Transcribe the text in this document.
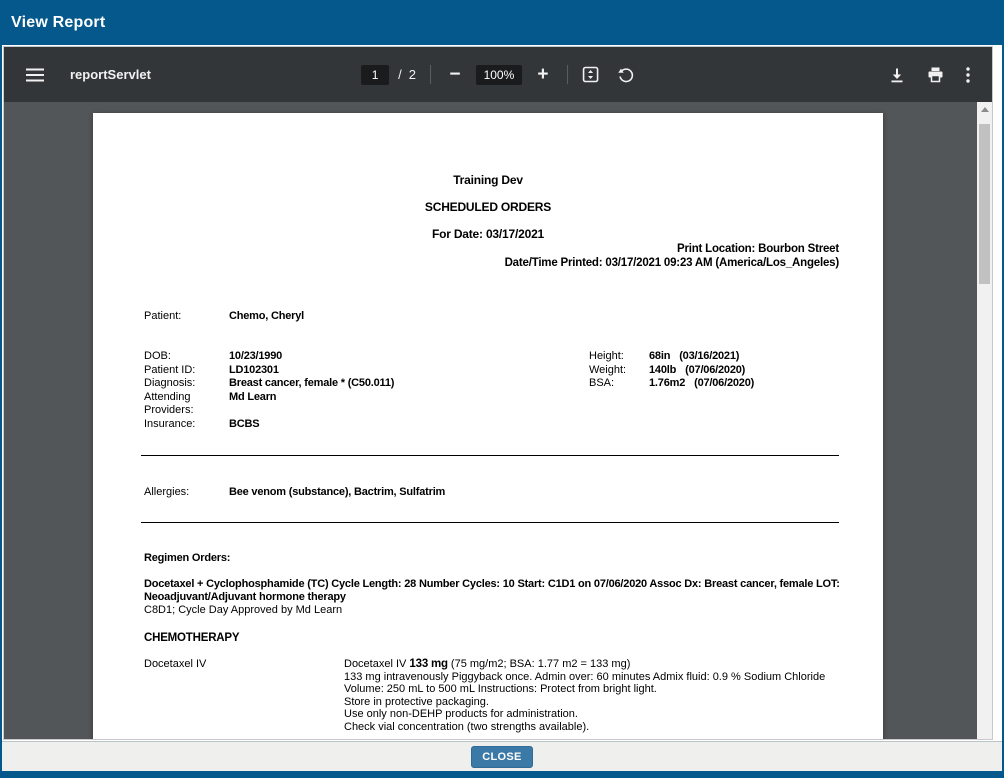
View Report
reportServlet
1	/ 2 −	100%	+
Training Dev
SCHEDULED ORDERS
For Date: 03/17/2021
Print Location: Bourbon Street
Date/Time Printed: 03/17/2021 09:23 AM (America/Los_Angeles)
Patient:	Chemo, Cheryl
DOB:	10/23/1990
Patient ID:	LD102301
Diagnosis:	Breast cancer, female * (C50.011)
Attending Providers:
Md Learn
Insurance:	BCBS
Height:	68in (03/16/2021)
Weight:	140lb (07/06/2020)
BSA:	1.76m2 (07/06/2020)
Allergies:	Bee venom (substance), Bactrim, Sulfatrim
Regimen Orders:
Docetaxel + Cyclophosphamide (TC) Cycle Length: 28 Number Cycles: 10 Start: C1D1 on 07/06/2020 Assoc Dx: Breast cancer, female LOT: Neoadjuvant/Adjuvant hormone therapy
C8D1; Cycle Day Approved by Md Learn
CHEMOTHERAPY
Docetaxel IV	Docetaxel IV 133 mg (75 mg/m2; BSA: 1.77 m2 = 133 mg)
133 mg intravenously Piggyback once. Admin over: 60 minutes Admix fluid: 0.9 % Sodium Chloride Volume: 250 mL to 500 mL Instructions: Protect from bright light.
Store in protective packaging.
Use only non-DEHP products for administration.
Check vial concentration (two strengths available).
CLOSE
